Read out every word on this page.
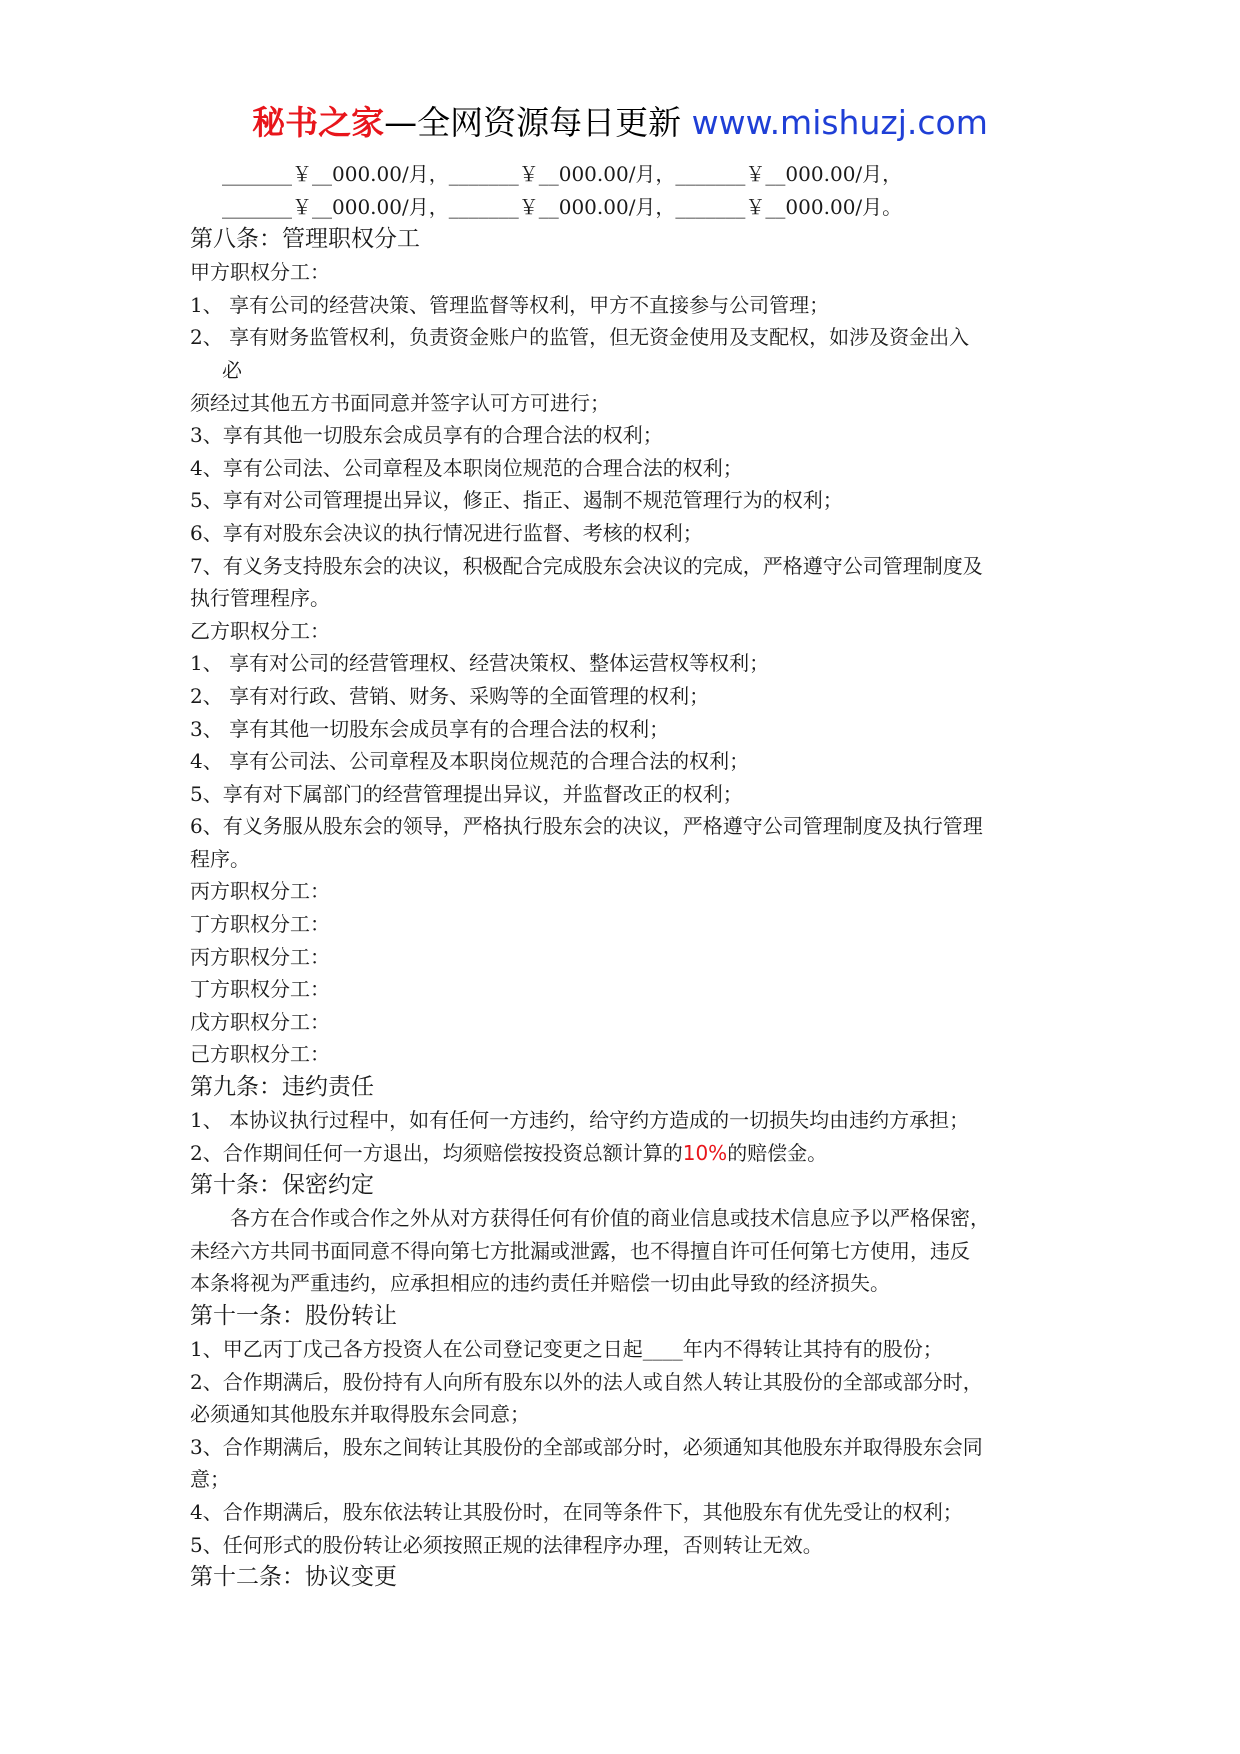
秘书之家—全网资源每日更新 www.mishuzj.com

_______￥__000.00/月，_______￥__000.00/月，_______￥__000.00/月，

_______￥__000.00/月，_______￥__000.00/月，_______￥__000.00/月。

第八条：管理职权分工

甲方职权分工：

1、 享有公司的经营决策、管理监督等权利，甲方不直接参与公司管理；

2、 享有财务监管权利，负责资金账户的监管，但无资金使用及支配权，如涉及资金出入

必

须经过其他五方书面同意并签字认可方可进行；

3、享有其他一切股东会成员享有的合理合法的权利；

4、享有公司法、公司章程及本职岗位规范的合理合法的权利；

5、享有对公司管理提出异议，修正、指正、遏制不规范管理行为的权利；

6、享有对股东会决议的执行情况进行监督、考核的权利；

7、有义务支持股东会的决议，积极配合完成股东会决议的完成，严格遵守公司管理制度及

执行管理程序。

乙方职权分工：

1、 享有对公司的经营管理权、经营决策权、整体运营权等权利；

2、 享有对行政、营销、财务、采购等的全面管理的权利；

3、 享有其他一切股东会成员享有的合理合法的权利；

4、 享有公司法、公司章程及本职岗位规范的合理合法的权利；

5、享有对下属部门的经营管理提出异议，并监督改正的权利；

6、有义务服从股东会的领导，严格执行股东会的决议，严格遵守公司管理制度及执行管理

程序。

丙方职权分工：

丁方职权分工：

丙方职权分工：

丁方职权分工：

戊方职权分工：

己方职权分工：

第九条：违约责任

1、 本协议执行过程中，如有任何一方违约，给守约方造成的一切损失均由违约方承担；

2、合作期间任何一方退出，均须赔偿按投资总额计算的10%的赔偿金。

第十条：保密约定

各方在合作或合作之外从对方获得任何有价值的商业信息或技术信息应予以严格保密，

未经六方共同书面同意不得向第七方批漏或泄露，也不得擅自许可任何第七方使用，违反

本条将视为严重违约，应承担相应的违约责任并赔偿一切由此导致的经济损失。

第十一条：股份转让

1、甲乙丙丁戊己各方投资人在公司登记变更之日起____年内不得转让其持有的股份；

2、合作期满后，股份持有人向所有股东以外的法人或自然人转让其股份的全部或部分时，

必须通知其他股东并取得股东会同意；

3、合作期满后，股东之间转让其股份的全部或部分时，必须通知其他股东并取得股东会同

意；

4、合作期满后，股东依法转让其股份时，在同等条件下，其他股东有优先受让的权利；

5、任何形式的股份转让必须按照正规的法律程序办理，否则转让无效。

第十二条：协议变更
